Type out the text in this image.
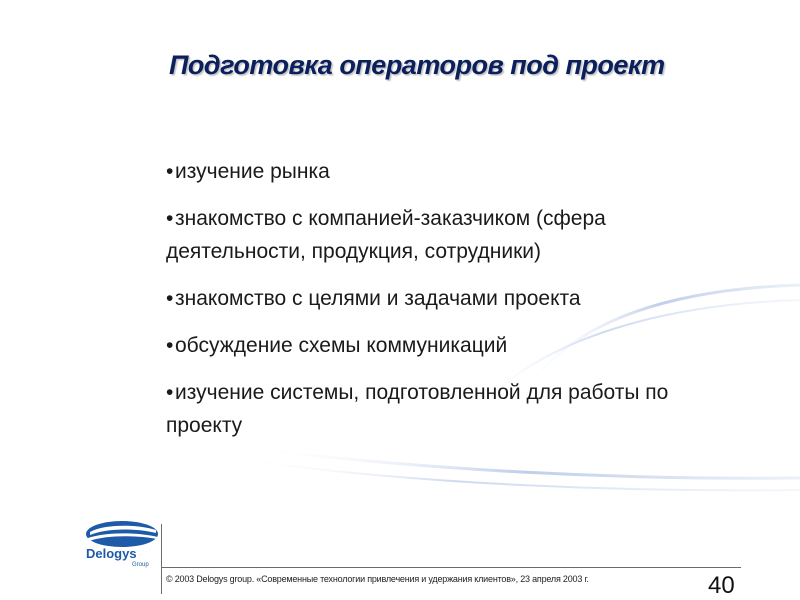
Подготовка операторов под проект
•изучение рынка
•знакомство с компанией-заказчиком (сфера деятельности, продукция, сотрудники)
•знакомство с целями и задачами проекта
•обсуждение схемы коммуникаций
•изучение системы, подготовленной для работы по проекту
Delogys
Group
© 2003 Delogys group. «Современные технологии привлечения и удержания клиентов», 23 апреля 2003 г.	40
